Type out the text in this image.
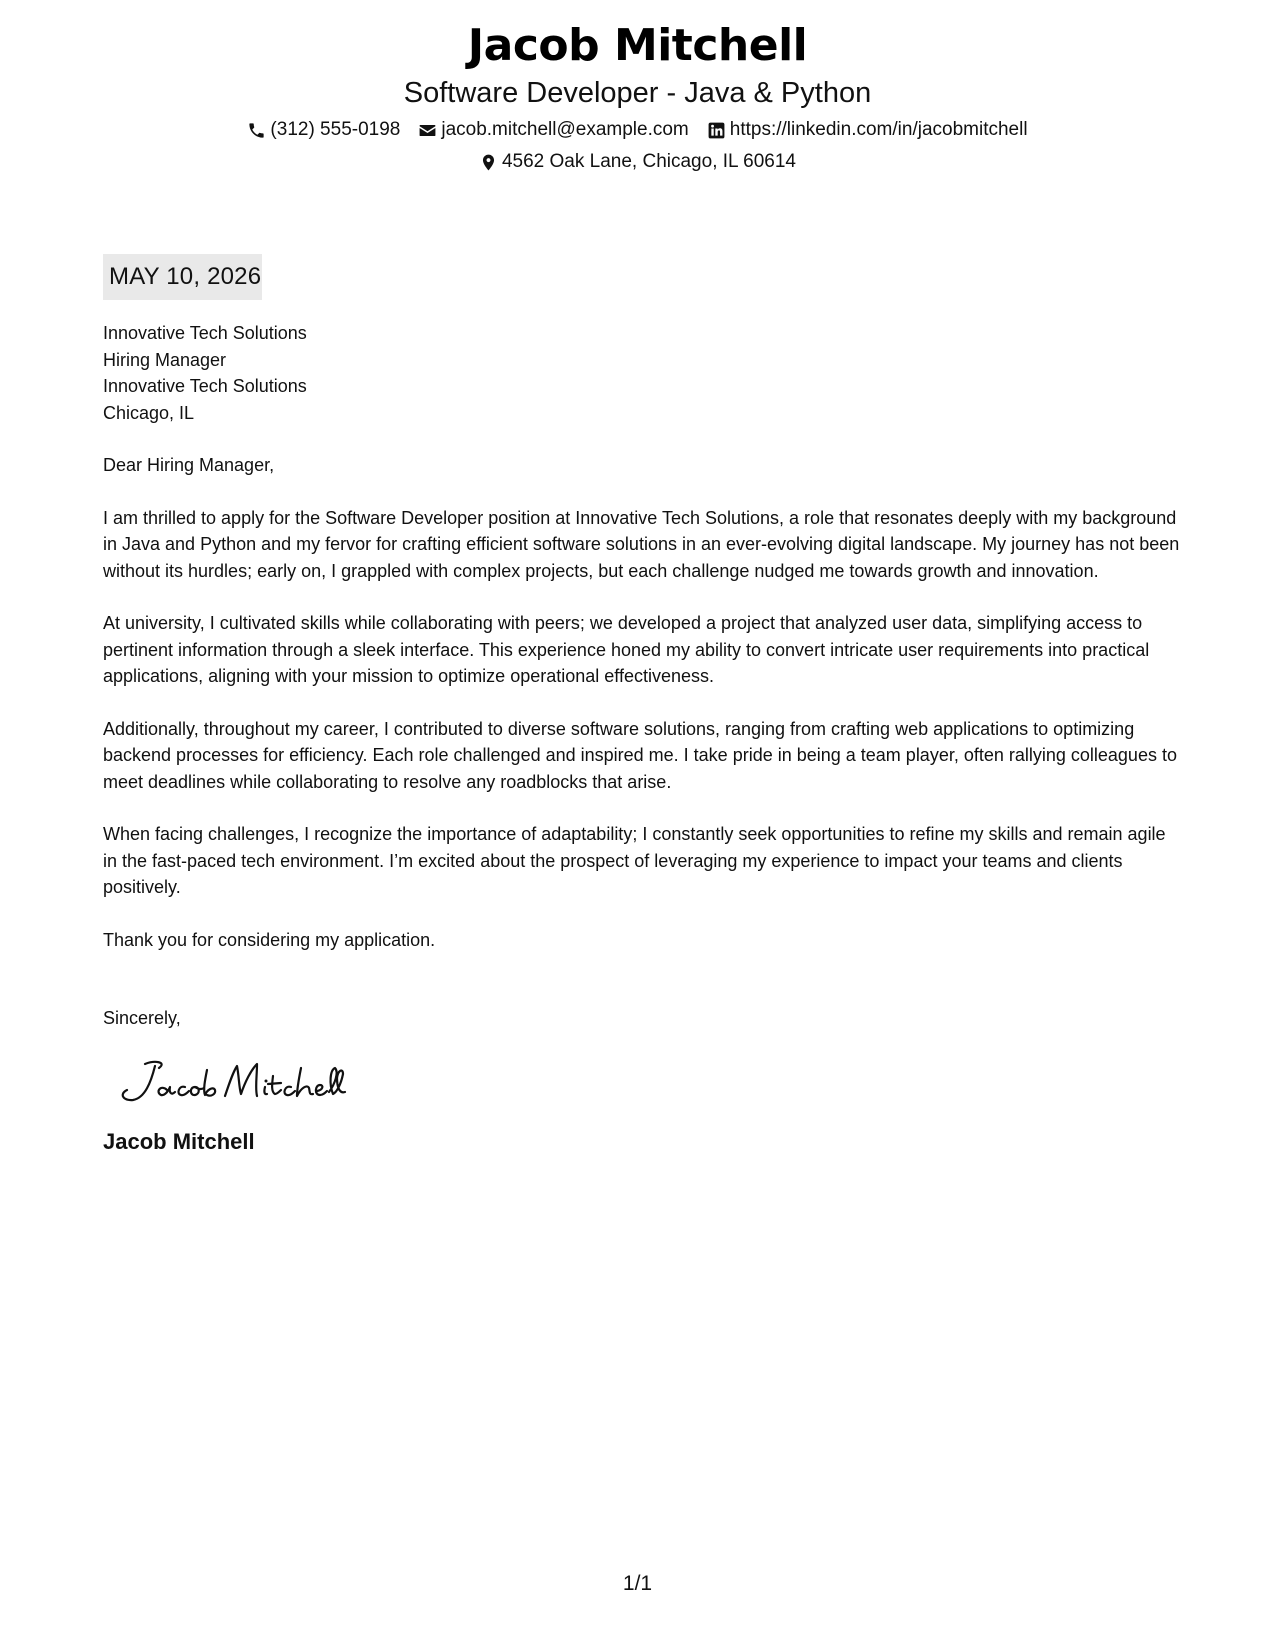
Jacob Mitchell
Software Developer - Java & Python
(312) 555-0198 jacob.mitchell@example.com https://linkedin.com/in/jacobmitchell
4562 Oak Lane, Chicago, IL 60614
MAY 10, 2026
Innovative Tech Solutions
Hiring Manager
Innovative Tech Solutions
Chicago, IL
Dear Hiring Manager,
I am thrilled to apply for the Software Developer position at Innovative Tech Solutions, a role that resonates deeply with my background in Java and Python and my fervor for crafting efficient software solutions in an ever-evolving digital landscape. My journey has not been without its hurdles; early on, I grappled with complex projects, but each challenge nudged me towards growth and innovation.
At university, I cultivated skills while collaborating with peers; we developed a project that analyzed user data, simplifying access to pertinent information through a sleek interface. This experience honed my ability to convert intricate user requirements into practical applications, aligning with your mission to optimize operational effectiveness.
Additionally, throughout my career, I contributed to diverse software solutions, ranging from crafting web applications to optimizing backend processes for efficiency. Each role challenged and inspired me. I take pride in being a team player, often rallying colleagues to meet deadlines while collaborating to resolve any roadblocks that arise.
When facing challenges, I recognize the importance of adaptability; I constantly seek opportunities to refine my skills and remain agile in the fast-paced tech environment. I’m excited about the prospect of leveraging my experience to impact your teams and clients positively.
Thank you for considering my application.
Sincerely,
Jacob Mitchell
1/1
